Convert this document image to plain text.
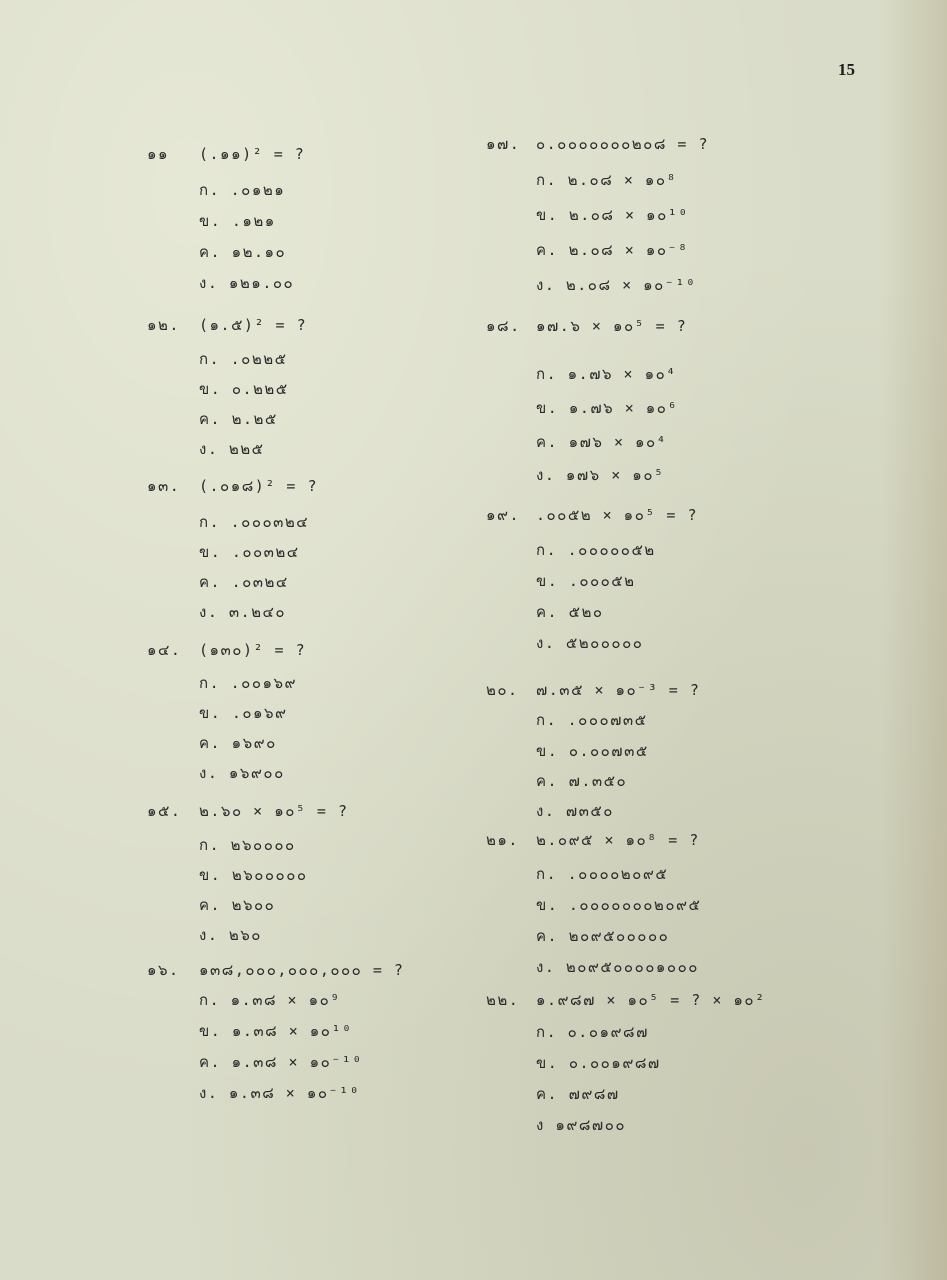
15
๑๑	(.๑๑)² = ?
ก. .๐๑๒๑
ข. .๑๒๑
ค. ๑๒.๑๐
ง. ๑๒๑.๐๐
๑๒.	(๑.๕)² = ?
ก. .๐๒๒๕
ข. ๐.๒๒๕
ค. ๒.๒๕
ง. ๒๒๕
๑๓.	(.๐๑๘)² = ?
ก. .๐๐๐๓๒๔
ข. .๐๐๓๒๔
ค. .๐๓๒๔
ง. ๓.๒๔๐
๑๔.	(๑๓๐)² = ?
ก. .๐๐๑๖๙
ข. .๐๑๖๙
ค. ๑๖๙๐
ง. ๑๖๙๐๐
๑๕.	๒.๖๐ × ๑๐⁵ = ?
ก. ๒๖๐๐๐๐
ข. ๒๖๐๐๐๐๐
ค. ๒๖๐๐
ง. ๒๖๐
๑๖.	๑๓๘,๐๐๐,๐๐๐,๐๐๐ = ?
ก. ๑.๓๘ × ๑๐⁹
ข. ๑.๓๘ × ๑๐¹⁰
ค. ๑.๓๘ × ๑๐⁻¹⁰
ง. ๑.๓๘ × ๑๐⁻¹⁰
๑๗.	๐.๐๐๐๐๐๐๐๒๐๘ = ?
ก. ๒.๐๘ × ๑๐⁸
ข. ๒.๐๘ × ๑๐¹⁰
ค. ๒.๐๘ × ๑๐⁻⁸
ง. ๒.๐๘ × ๑๐⁻¹⁰
๑๘.	๑๗.๖ × ๑๐⁵ = ?
ก. ๑.๗๖ × ๑๐⁴
ข. ๑.๗๖ × ๑๐⁶
ค. ๑๗๖ × ๑๐⁴
ง. ๑๗๖ × ๑๐⁵
๑๙.	.๐๐๕๒ × ๑๐⁵ = ?
ก. .๐๐๐๐๐๕๒
ข. .๐๐๐๕๒
ค. ๕๒๐
ง. ๕๒๐๐๐๐๐
๒๐.	๗.๓๕ × ๑๐⁻³ = ?
ก. .๐๐๐๗๓๕
ข. ๐.๐๐๗๓๕
ค. ๗.๓๕๐
ง. ๗๓๕๐
๒๑.	๒.๐๙๕ × ๑๐⁸ = ?
ก. .๐๐๐๐๒๐๙๕
ข. .๐๐๐๐๐๐๐๒๐๙๕
ค. ๒๐๙๕๐๐๐๐๐
ง. ๒๐๙๕๐๐๐๐๑๐๐๐
๒๒.	๑.๙๘๗ × ๑๐⁵ = ? × ๑๐²
ก. ๐.๐๑๙๘๗
ข. ๐.๐๐๑๙๘๗
ค. ๗๙๘๗
ง ๑๙๘๗๐๐
